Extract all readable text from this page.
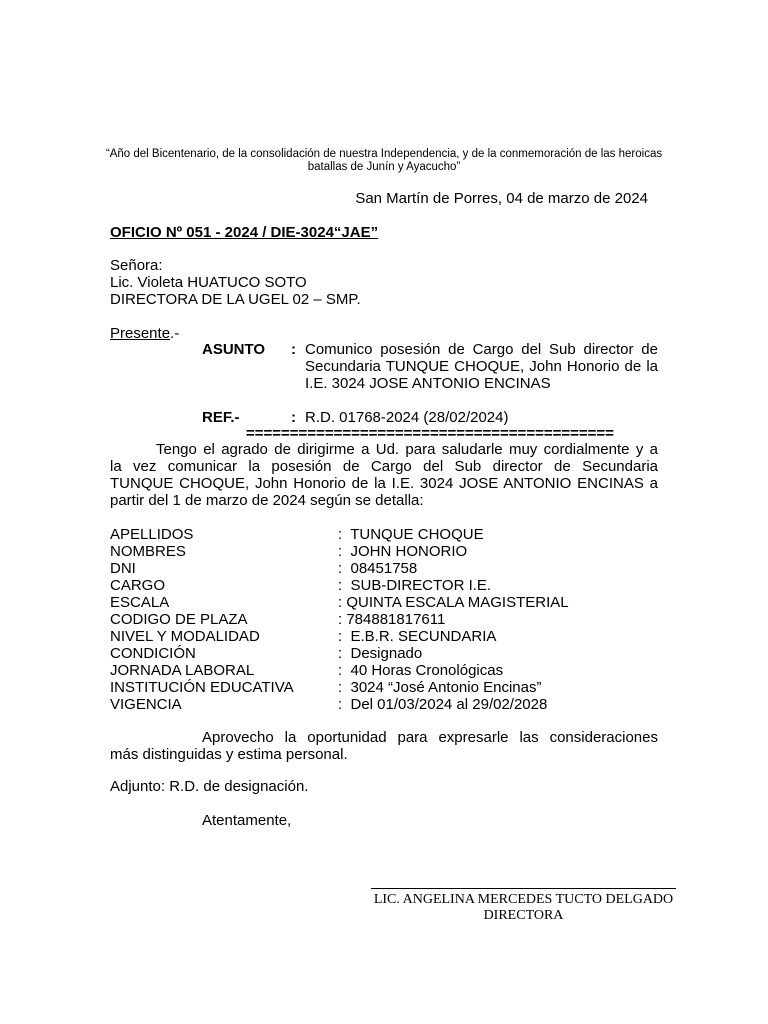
“Año del Bicentenario, de la consolidación de nuestra Independencia, y de la conmemoración de las heroicas batallas de Junín y Ayacucho”
San Martín de Porres, 04 de marzo de 2024
OFICIO Nº 051 - 2024 / DIE-3024“JAE”
Señora:
Lic. Violeta HUATUCO SOTO
DIRECTORA DE LA UGEL 02 – SMP.
Presente.-
ASUNTO : Comunico posesión de Cargo del Sub director de
Secundaria TUNQUE CHOQUE, John Honorio de la
I.E. 3024 JOSE ANTONIO ENCINAS
REF.-	: R.D. 01768-2024 (28/02/2024)
==========================================
Tengo el agrado de dirigirme a Ud. para saludarle muy cordialmente y a
la vez comunicar la posesión de Cargo del Sub director de Secundaria
TUNQUE CHOQUE, John Honorio de la I.E. 3024 JOSE ANTONIO ENCINAS a
partir del 1 de marzo de 2024 según se detalla:
APELLIDOS	:  TUNQUE CHOQUE
NOMBRES	:  JOHN HONORIO
DNI	:  08451758
CARGO	:  SUB-DIRECTOR I.E.
ESCALA	: QUINTA ESCALA MAGISTERIAL
CODIGO DE PLAZA	: 784881817611
NIVEL Y MODALIDAD	:  E.B.R. SECUNDARIA
CONDICIÓN	:  Designado
JORNADA LABORAL	:  40 Horas Cronológicas
INSTITUCIÓN EDUCATIVA	:  3024 “José Antonio Encinas”
VIGENCIA	:  Del 01/03/2024 al 29/02/2028
Aprovecho la oportunidad para expresarle las consideraciones
más distinguidas y estima personal.
Adjunto: R.D. de designación.
Atentamente,
LIC. ANGELINA MERCEDES TUCTO DELGADO
DIRECTORA
